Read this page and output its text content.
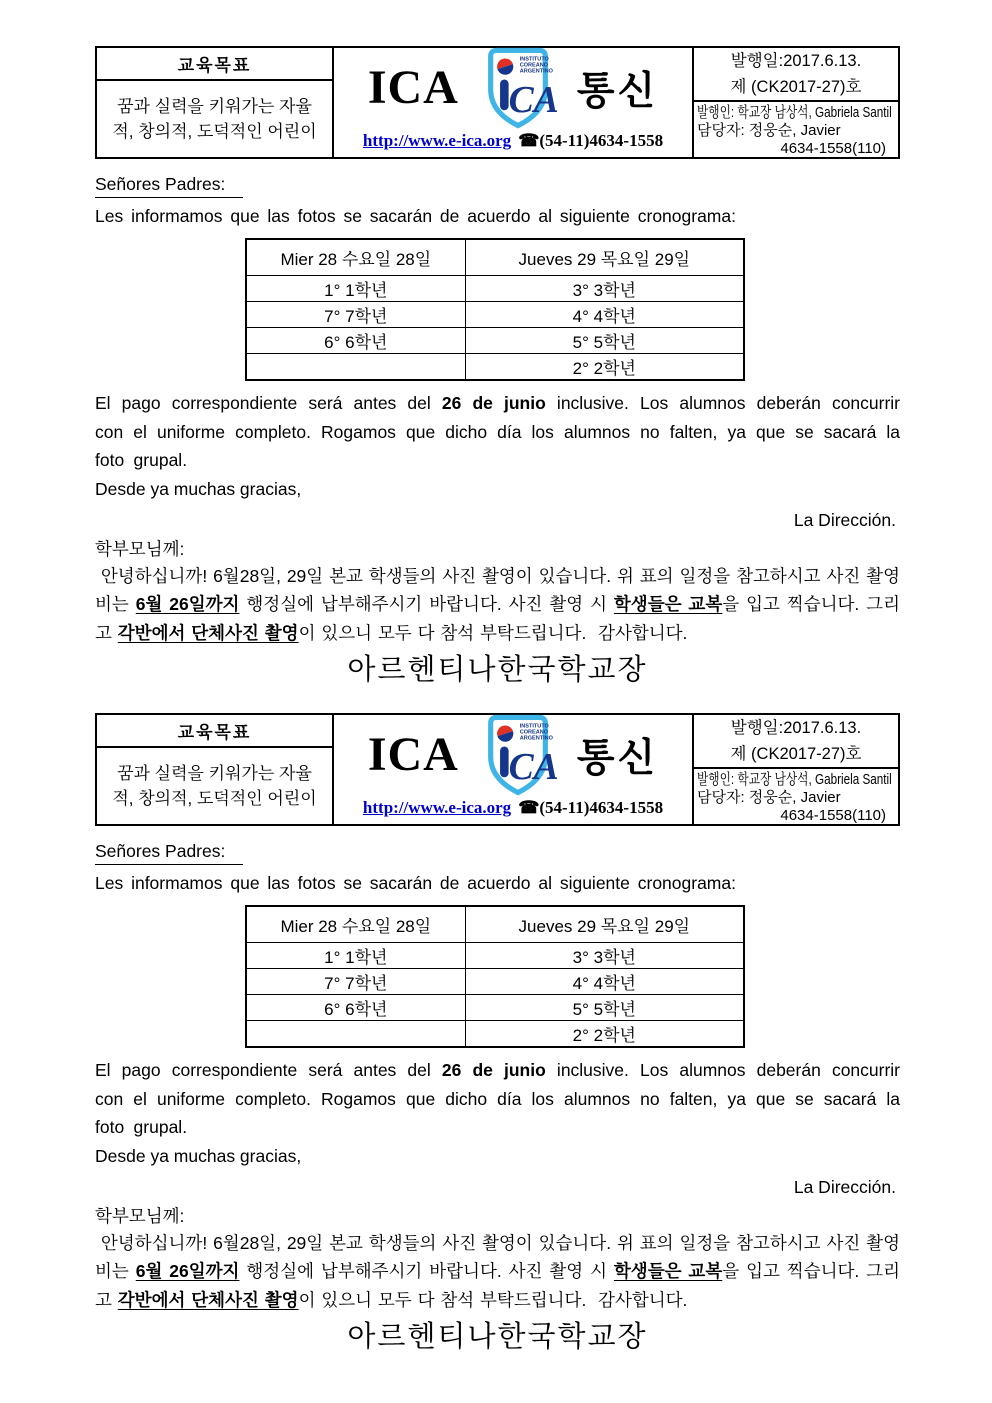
교육목표
꿈과 실력을 키워가는 자율적, 창의적, 도덕적인 어린이
ICA
INSTITUTO
COREANO
ARGENTINO
CA 통신
http://www.e-ica.org ☎(54-11)4634-1558
발행일:2017.6.13.
제 (CK2017-27)호
발행인: 학교장 남상석, Gabriela Santil
담당자: 정웅순, Javier
4634-1558(110)
Señores Padres:
Les informamos que las fotos se sacarán de acuerdo al siguiente cronograma:
Mier 28 수요일 28일	Jueves 29 목요일 29일
1° 1학년	3° 3학년
7° 7학년	4° 4학년
6° 6학년	5° 5학년
	2° 2학년
El pago correspondiente será antes del 26 de junio inclusive. Los alumnos deberán concurrir con el uniforme completo. Rogamos que dicho día los alumnos no falten, ya que se sacará la foto grupal.
Desde ya muchas gracias,
La Dirección.
학부모님께:
안녕하십니까! 6월28일, 29일 본교 학생들의 사진 촬영이 있습니다. 위 표의 일정을 참고하시고 사진 촬영비는 6월 26일까지 행정실에 납부해주시기 바랍니다. 사진 촬영 시 학생들은 교복을 입고 찍습니다. 그리고 각반에서 단체사진 촬영이 있으니 모두 다 참석 부탁드립니다.  감사합니다.
아르헨티나한국학교장
교육목표
꿈과 실력을 키워가는 자율적, 창의적, 도덕적인 어린이
ICA
INSTITUTO
COREANO
ARGENTINO
CA 통신
http://www.e-ica.org ☎(54-11)4634-1558
발행일:2017.6.13.
제 (CK2017-27)호
발행인: 학교장 남상석, Gabriela Santil
담당자: 정웅순, Javier
4634-1558(110)
Señores Padres:
Les informamos que las fotos se sacarán de acuerdo al siguiente cronograma:
Mier 28 수요일 28일	Jueves 29 목요일 29일
1° 1학년	3° 3학년
7° 7학년	4° 4학년
6° 6학년	5° 5학년
	2° 2학년
El pago correspondiente será antes del 26 de junio inclusive. Los alumnos deberán concurrir con el uniforme completo. Rogamos que dicho día los alumnos no falten, ya que se sacará la foto grupal.
Desde ya muchas gracias,
La Dirección.
학부모님께:
안녕하십니까! 6월28일, 29일 본교 학생들의 사진 촬영이 있습니다. 위 표의 일정을 참고하시고 사진 촬영비는 6월 26일까지 행정실에 납부해주시기 바랍니다. 사진 촬영 시 학생들은 교복을 입고 찍습니다. 그리고 각반에서 단체사진 촬영이 있으니 모두 다 참석 부탁드립니다.  감사합니다.
아르헨티나한국학교장
